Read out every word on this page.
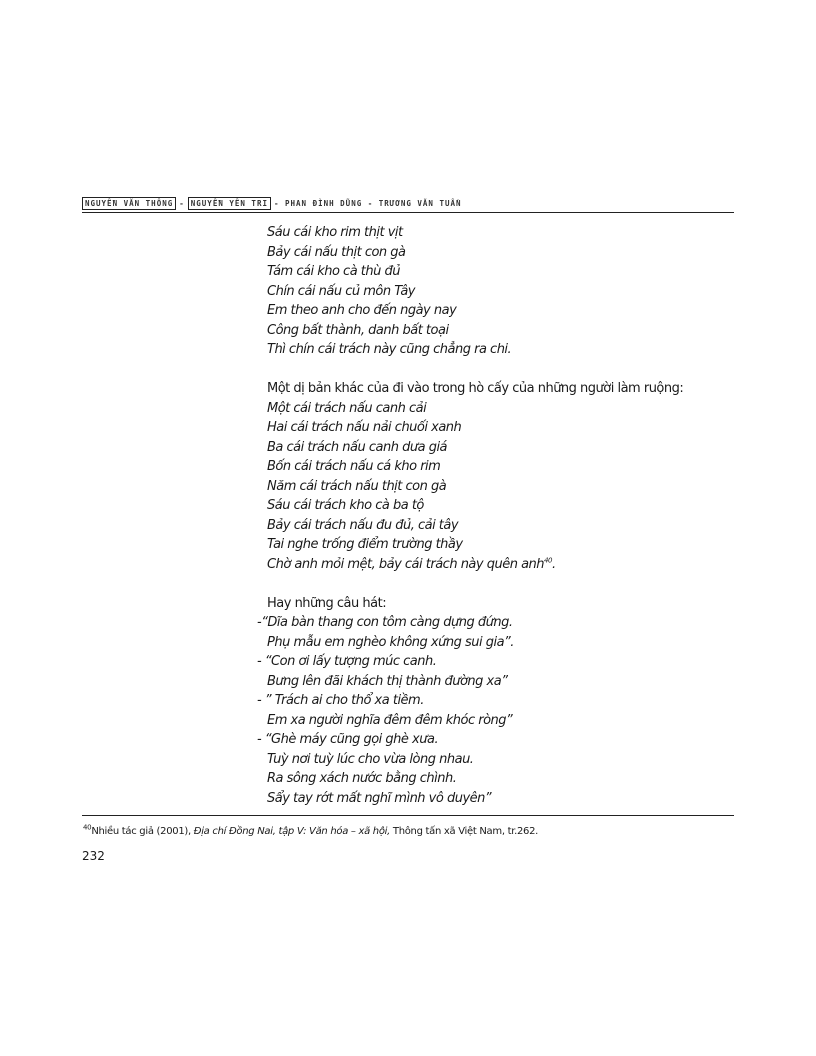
NGUYỄN VĂN THÔNG - NGUYỄN YÊN TRI - PHAN ĐÌNH DŨNG - TRƯƠNG VĂN TUẤN
Sáu cái kho rim thịt vịt
Bảy cái nấu thịt con gà
Tám cái kho cà thù đủ
Chín cái nấu củ môn Tây
Em theo anh cho đến ngày nay
Công bất thành, danh bất toại
Thì chín cái trách này cũng chẳng ra chi.
Một dị bản khác của đi vào trong hò cấy của những người làm ruộng:
Một cái trách nấu canh cải
Hai cái trách nấu nải chuối xanh
Ba cái trách nấu canh dưa giá
Bốn cái trách nấu cá kho rim
Năm cái trách nấu thịt con gà
Sáu cái trách kho cà ba tộ
Bảy cái trách nấu đu đủ, cải tây
Tai nghe trống điểm trường thầy
Chờ anh mỏi mệt, bảy cái trách này quên anh$^{40}$.
Hay những câu hát:
-“Dĩa bàn thang con tôm càng dựng đứng.
Phụ mẫu em nghèo không xứng sui gia”.
- “Con ơi lấy tượng múc canh.
Bưng lên đãi khách thị thành đường xa”
- ” Trách ai cho thổ xa tiềm.
Em xa người nghĩa đêm đêm khóc ròng”
- “Ghè máy cũng gọi ghè xưa.
Tuỳ nơi tuỳ lúc cho vừa lòng nhau.
Ra sông xách nước bằng chình.
Sẩy tay rớt mất nghĩ mình vô duyên”
$^{40}$Nhiều tác giả (2001), Địa chí Đồng Nai, tập V: Văn hóa – xã hội, Thông tấn xã Việt Nam, tr.262.
232
